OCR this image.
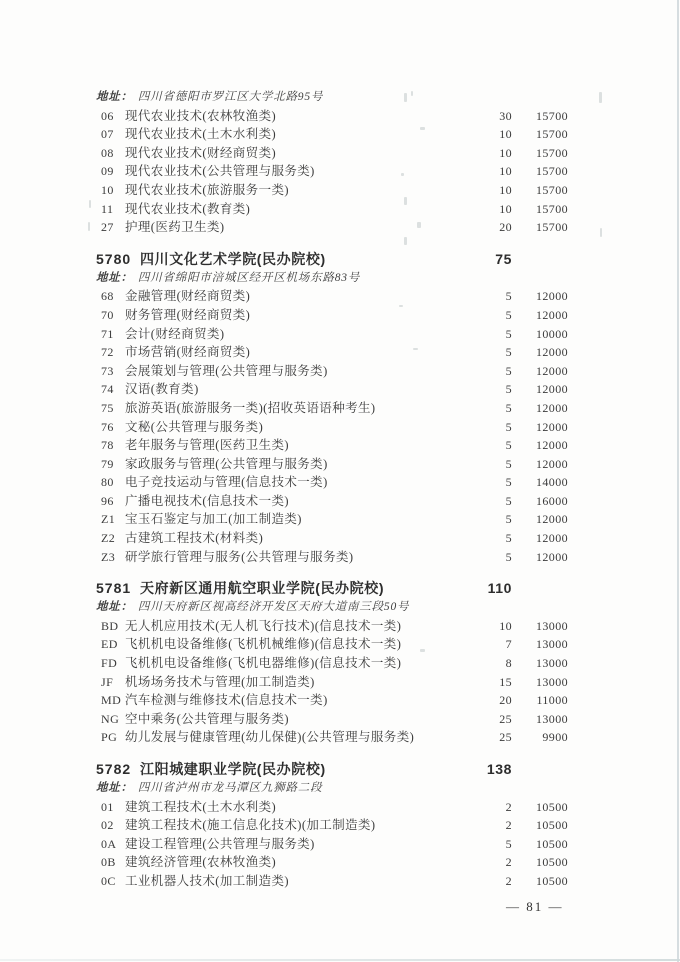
地址： 四川省德阳市罗江区大学北路95号
06 现代农业技术(农林牧渔类)	30	15700
07 现代农业技术(土木水利类)	10	15700
08 现代农业技术(财经商贸类)	10	15700
09 现代农业技术(公共管理与服务类)	10	15700
10 现代农业技术(旅游服务一类)	10	15700
11 现代农业技术(教育类)	10	15700
27 护理(医药卫生类)	20	15700
5780 四川文化艺术学院(民办院校)	75
地址： 四川省绵阳市涪城区经开区机场东路83号
68 金融管理(财经商贸类)	5	12000
70 财务管理(财经商贸类)	5	12000
71 会计(财经商贸类)	5	10000
72 市场营销(财经商贸类)	5	12000
73 会展策划与管理(公共管理与服务类)	5	12000
74 汉语(教育类)	5	12000
75 旅游英语(旅游服务一类)(招收英语语种考生)	5	12000
76 文秘(公共管理与服务类)	5	12000
78 老年服务与管理(医药卫生类)	5	12000
79 家政服务与管理(公共管理与服务类)	5	12000
80 电子竞技运动与管理(信息技术一类)	5	14000
96 广播电视技术(信息技术一类)	5	16000
Z1 宝玉石鉴定与加工(加工制造类)	5	12000
Z2 古建筑工程技术(材料类)	5	12000
Z3 研学旅行管理与服务(公共管理与服务类)	5	12000
5781 天府新区通用航空职业学院(民办院校)	110
地址： 四川天府新区视高经济开发区天府大道南三段50号
BD 无人机应用技术(无人机飞行技术)(信息技术一类)	10	13000
ED 飞机机电设备维修(飞机机械维修)(信息技术一类)	7	13000
FD 飞机机电设备维修(飞机电器维修)(信息技术一类)	8	13000
JF 机场场务技术与管理(加工制造类)	15	13000
MD 汽车检测与维修技术(信息技术一类)	20	11000
NG 空中乘务(公共管理与服务类)	25	13000
PG 幼儿发展与健康管理(幼儿保健)(公共管理与服务类)	25	9900
5782 江阳城建职业学院(民办院校)	138
地址： 四川省泸州市龙马潭区九狮路二段
01 建筑工程技术(土木水利类)	2	10500
02 建筑工程技术(施工信息化技术)(加工制造类)	2	10500
0A 建设工程管理(公共管理与服务类)	5	10500
0B 建筑经济管理(农林牧渔类)	2	10500
0C 工业机器人技术(加工制造类)	2	10500
— 81 —
